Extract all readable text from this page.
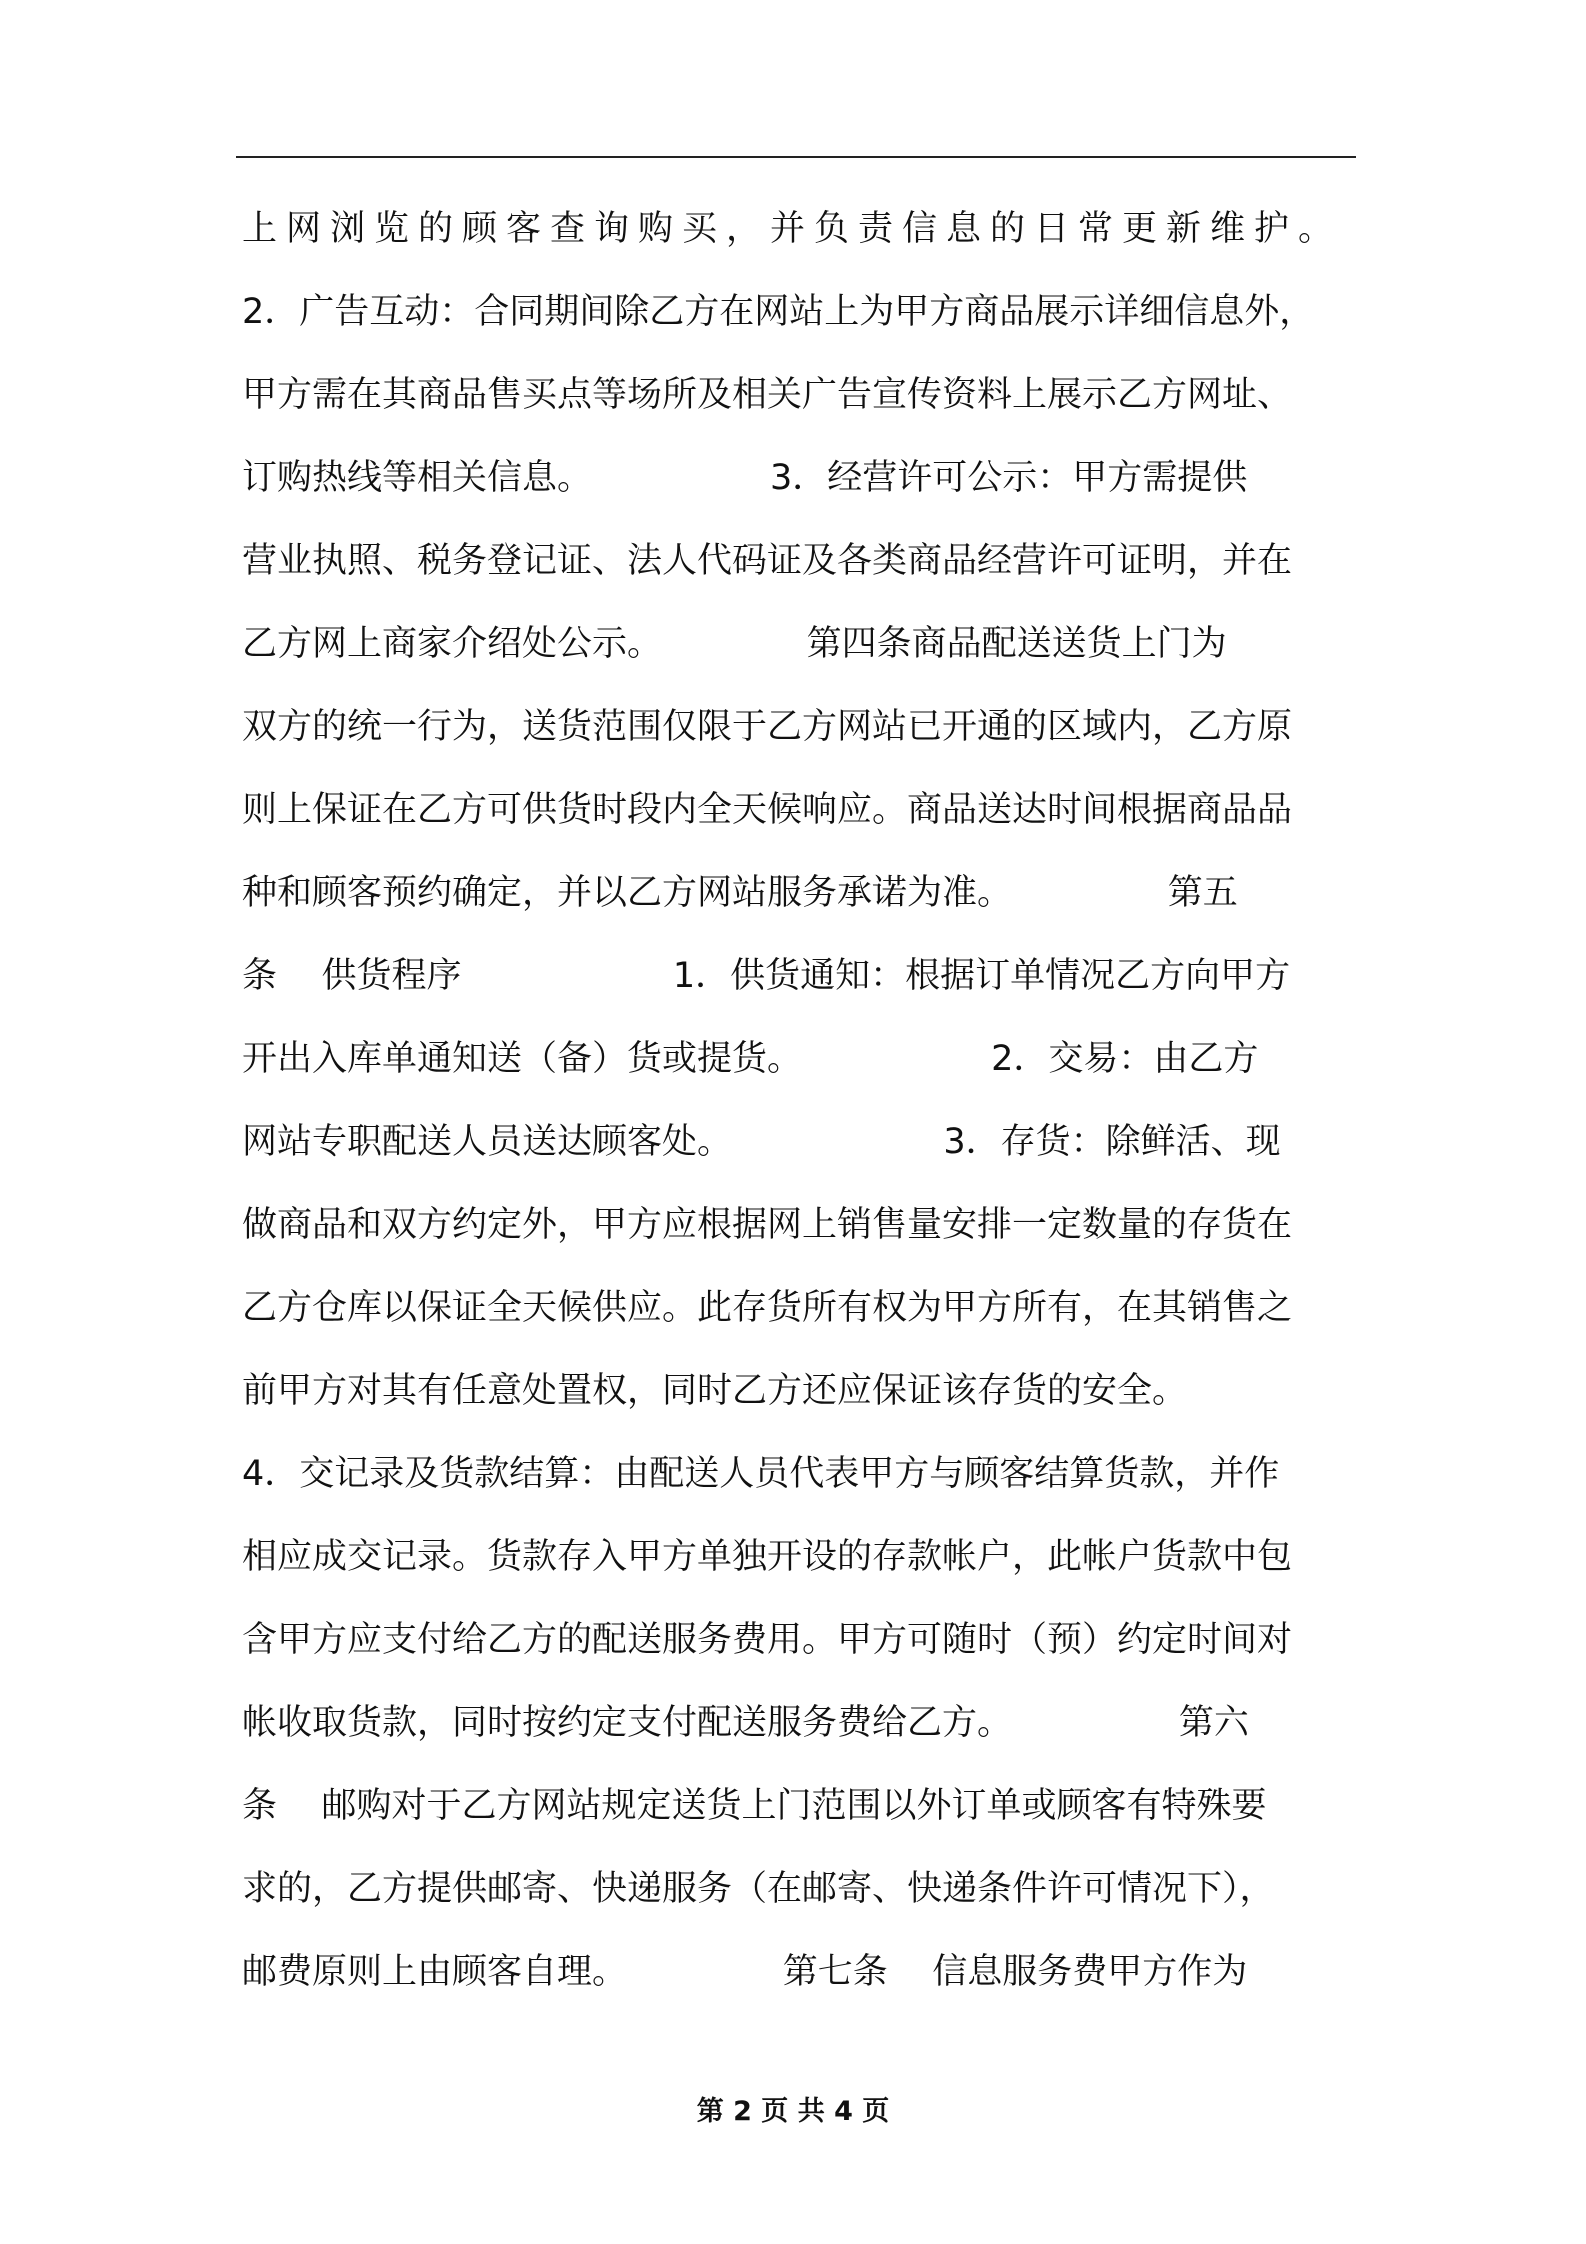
上网浏览的顾客查询购买，并负责信息的日常更新维护。
2．广告互动：合同期间除乙方在网站上为甲方商品展示详细信息外，
甲方需在其商品售买点等场所及相关广告宣传资料上展示乙方网址、
订购热线等相关信息。                3．经营许可公示：甲方需提供
营业执照、税务登记证、法人代码证及各类商品经营许可证明，并在
乙方网上商家介绍处公示。             第四条商品配送送货上门为
双方的统一行为，送货范围仅限于乙方网站已开通的区域内，乙方原
则上保证在乙方可供货时段内全天候响应。商品送达时间根据商品品
种和顾客预约确定，并以乙方网站服务承诺为准。              第五
条    供货程序                   1．供货通知：根据订单情况乙方向甲方
开出入库单通知送（备）货或提货。                 2．交易：由乙方
网站专职配送人员送达顾客处。                   3．存货：除鲜活、现
做商品和双方约定外，甲方应根据网上销售量安排一定数量的存货在
乙方仓库以保证全天候供应。此存货所有权为甲方所有，在其销售之
前甲方对其有任意处置权，同时乙方还应保证该存货的安全。
4．交记录及货款结算：由配送人员代表甲方与顾客结算货款，并作
相应成交记录。货款存入甲方单独开设的存款帐户，此帐户货款中包
含甲方应支付给乙方的配送服务费用。甲方可随时（预）约定时间对
帐收取货款，同时按约定支付配送服务费给乙方。               第六
条    邮购对于乙方网站规定送货上门范围以外订单或顾客有特殊要
求的，乙方提供邮寄、快递服务（在邮寄、快递条件许可情况下），
邮费原则上由顾客自理。              第七条    信息服务费甲方作为
第 2 页 共 4 页
